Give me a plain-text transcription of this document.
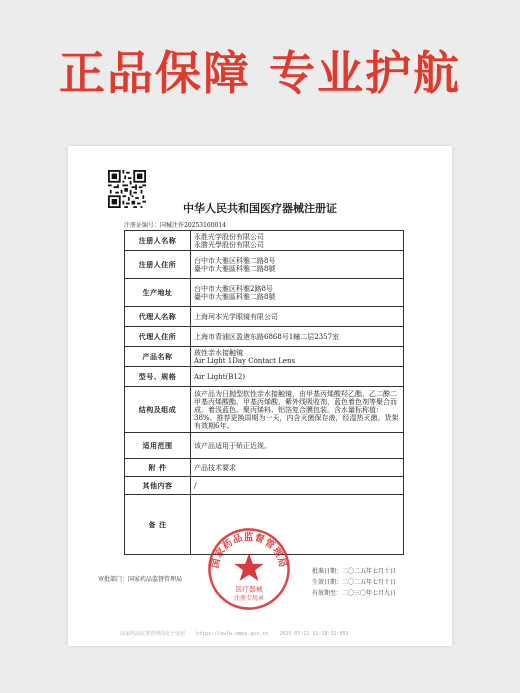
正品保障 专业护航
中华人民共和国医疗器械注册证
注册证编号：国械注许20253160014
注册人名称	永胜光学股份有限公司
永勝光學股份有限公司

注册人住所	台中市大雅区科雅二路8号
臺中市大雅區科雅二路8號

生产地址	台中市大雅区科雅2路8号
臺中市大雅區科雅二路8號

代理人名称	上海珂本光学眼镜有限公司

代理人住所	上海市青浦区盈港东路6868号1幢二层2357室

产品名称	玻性亲水接触镜
Air Light 1Day Contact Lens

型号、规格	Air Light(B12)

结构及组成	该产品为日抛型软性亲水接触镜，由甲基丙烯酸羟乙酯、乙二醇二甲基丙烯酸酯、甲基丙烯酸、紫外线吸收剂、蓝色着色剂等聚合而成，着浅蓝色。聚丙烯料、铝箔复合膜包装。含水量标称值：38%。推荐更换周期为一天，内含灭菌保存液，经湿热灭菌。货架有效期6年。

适用范围	该产品适用于矫正近视。

附 件	产品技术要求

其他内容	/

备 注	
国家药品监督管理局
医疗器械
注册专用章
审批部门：国家药品监督管理局
批准日期：二〇二五年七月十日
生效日期：二〇二五年七月十日
有效期至：二〇三〇年七月九日
国家药品监督管理局电子证照 https://zwfw.nmpa.gov.cn 2025-07-11 11:18:52:053
